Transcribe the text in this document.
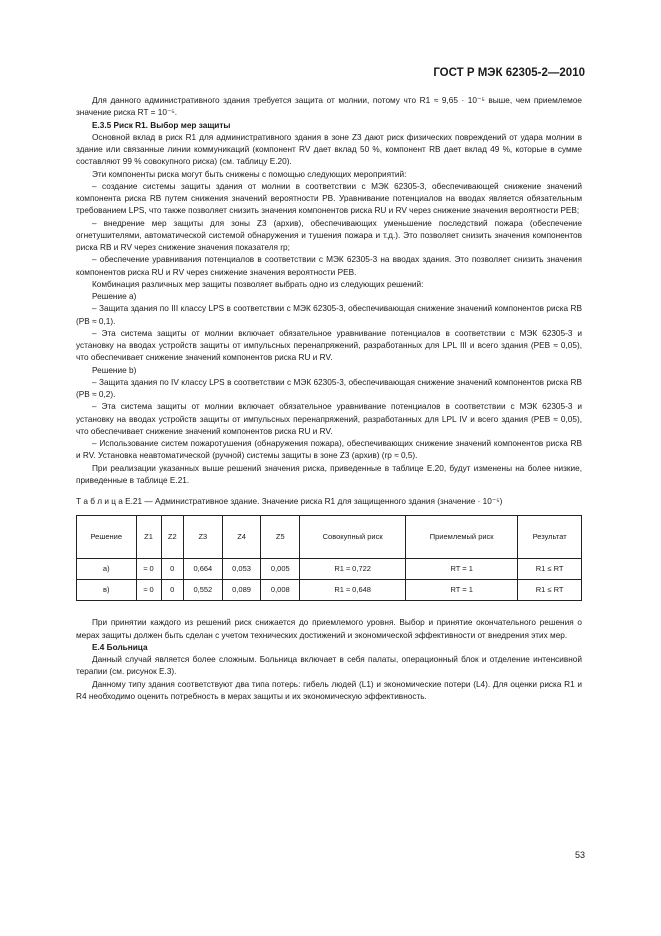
ГОСТ Р МЭК 62305-2—2010

Для данного административного здания требуется защита от молнии, потому что R1 ≈ 9,65 · 10⁻⁵ выше, чем приемлемое значение риска RT = 10⁻⁵.

Е.3.5 Риск R1. Выбор мер защиты

Основной вклад в риск R1 для административного здания в зоне Z3 дают риск физических повреждений от удара молнии в здание или связанные линии коммуникаций (компонент RV дает вклад 50 %, компонент RB дает вклад 49 %, которые в сумме составляют 99 % совокупного риска) (см. таблицу Е.20).

Эти компоненты риска могут быть снижены с помощью следующих мероприятий:

– создание системы защиты здания от молнии в соответствии с МЭК 62305-3, обеспечивающей снижение значений компонента риска RB путем снижения значений вероятности PB. Уравнивание потенциалов на вводах является обязательным требованием LPS, что также позволяет снизить значения компонентов риска RU и RV через снижение значения вероятности PEB;

– внедрение мер защиты для зоны Z3 (архив), обеспечивающих уменьшение последствий пожара (обеспечение огнетушителями, автоматической системой обнаружения и тушения пожара и т.д.). Это позволяет снизить значения компонентов риска RB и RV через снижение значения показателя rp;

– обеспечение уравнивания потенциалов в соответствии с МЭК 62305-3 на вводах здания. Это позволяет снизить значения компонентов риска RU и RV через снижение значения вероятности PEB.

Комбинация различных мер защиты позволяет выбрать одно из следующих решений:

Решение а)

– Защита здания по III классу LPS в соответствии с МЭК 62305-3, обеспечивающая снижение значений компонентов риска RB (PB ≈ 0,1).

– Эта система защиты от молнии включает обязательное уравнивание потенциалов в соответствии с МЭК 62305-3 и установку на вводах устройств защиты от импульсных перенапряжений, разработанных для LPL III и всего здания (PEB ≈ 0,05), что обеспечивает снижение значений компонентов риска RU и RV.

Решение b)

– Защита здания по IV классу LPS в соответствии с МЭК 62305-3, обеспечивающая снижение значений компонентов риска RB (PB ≈ 0,2).

– Эта система защиты от молнии включает обязательное уравнивание потенциалов в соответствии с МЭК 62305-3 и установку на вводах устройств защиты от импульсных перенапряжений, разработанных для LPL IV и всего здания (PEB ≈ 0,05), что обеспечивает снижение значений компонентов риска RU и RV.

– Использование систем пожаротушения (обнаружения пожара), обеспечивающих снижение значений компонентов риска RB и RV. Установка неавтоматической (ручной) системы защиты в зоне Z3 (архив) (rp ≈ 0,5).

При реализации указанных выше решений значения риска, приведенные в таблице Е.20, будут изменены на более низкие, приведенные в таблице Е.21.

Т а б л и ц а Е.21 — Административное здание. Значение риска R1 для защищенного здания (значение · 10⁻⁵)

Решение	Z1	Z2	Z3	Z4	Z5	Совокупный риск	Приемлемый риск	Результат
а)	≈ 0	0	0,664	0,053	0,005	R1 ≈ 0,722	RT = 1	R1 ≤ RT
в)	≈ 0	0	0,552	0,089	0,008	R1 ≈ 0,648	RT = 1	R1 ≤ RT

При принятии каждого из решений риск снижается до приемлемого уровня. Выбор и принятие окончательного решения о мерах защиты должен быть сделан с учетом технических достижений и экономической эффективности от внедрения этих мер.

Е.4 Больница

Данный случай является более сложным. Больница включает в себя палаты, операционный блок и отделение интенсивной терапии (см. рисунок Е.3).

Данному типу здания соответствуют два типа потерь: гибель людей (L1) и экономические потери (L4). Для оценки риска R1 и R4 необходимо оценить потребность в мерах защиты и их экономическую эффективность.

53
